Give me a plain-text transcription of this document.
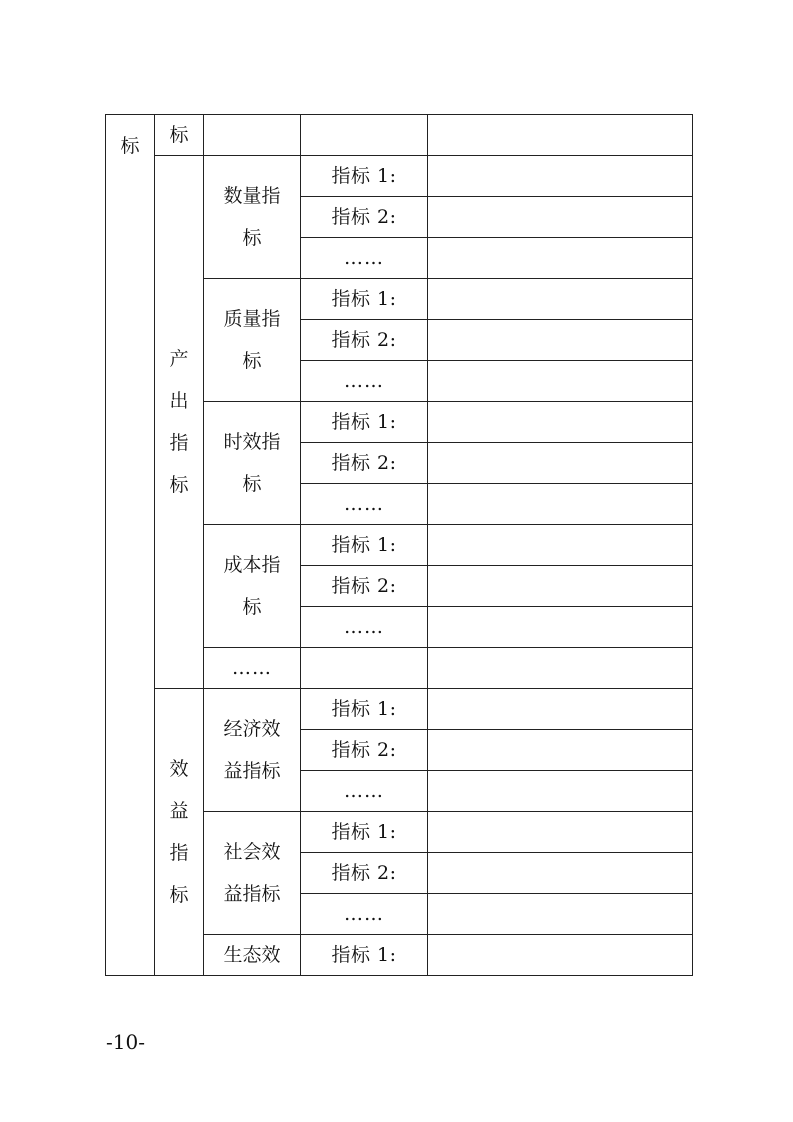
标	标			
	产出指标	数量指标	指标 1:	
			指标 2:	
			……	
		质量指标	指标 1:	
			指标 2:	
			……	
		时效指标	指标 1:	
			指标 2:	
			……	
		成本指标	指标 1:	
			指标 2:	
			……	
		……		
	效益指标	经济效益指标	指标 1:	
			指标 2:	
			……	
		社会效益指标	指标 1:	
			指标 2:	
			……	
		生态效	指标 1:	
-10-
